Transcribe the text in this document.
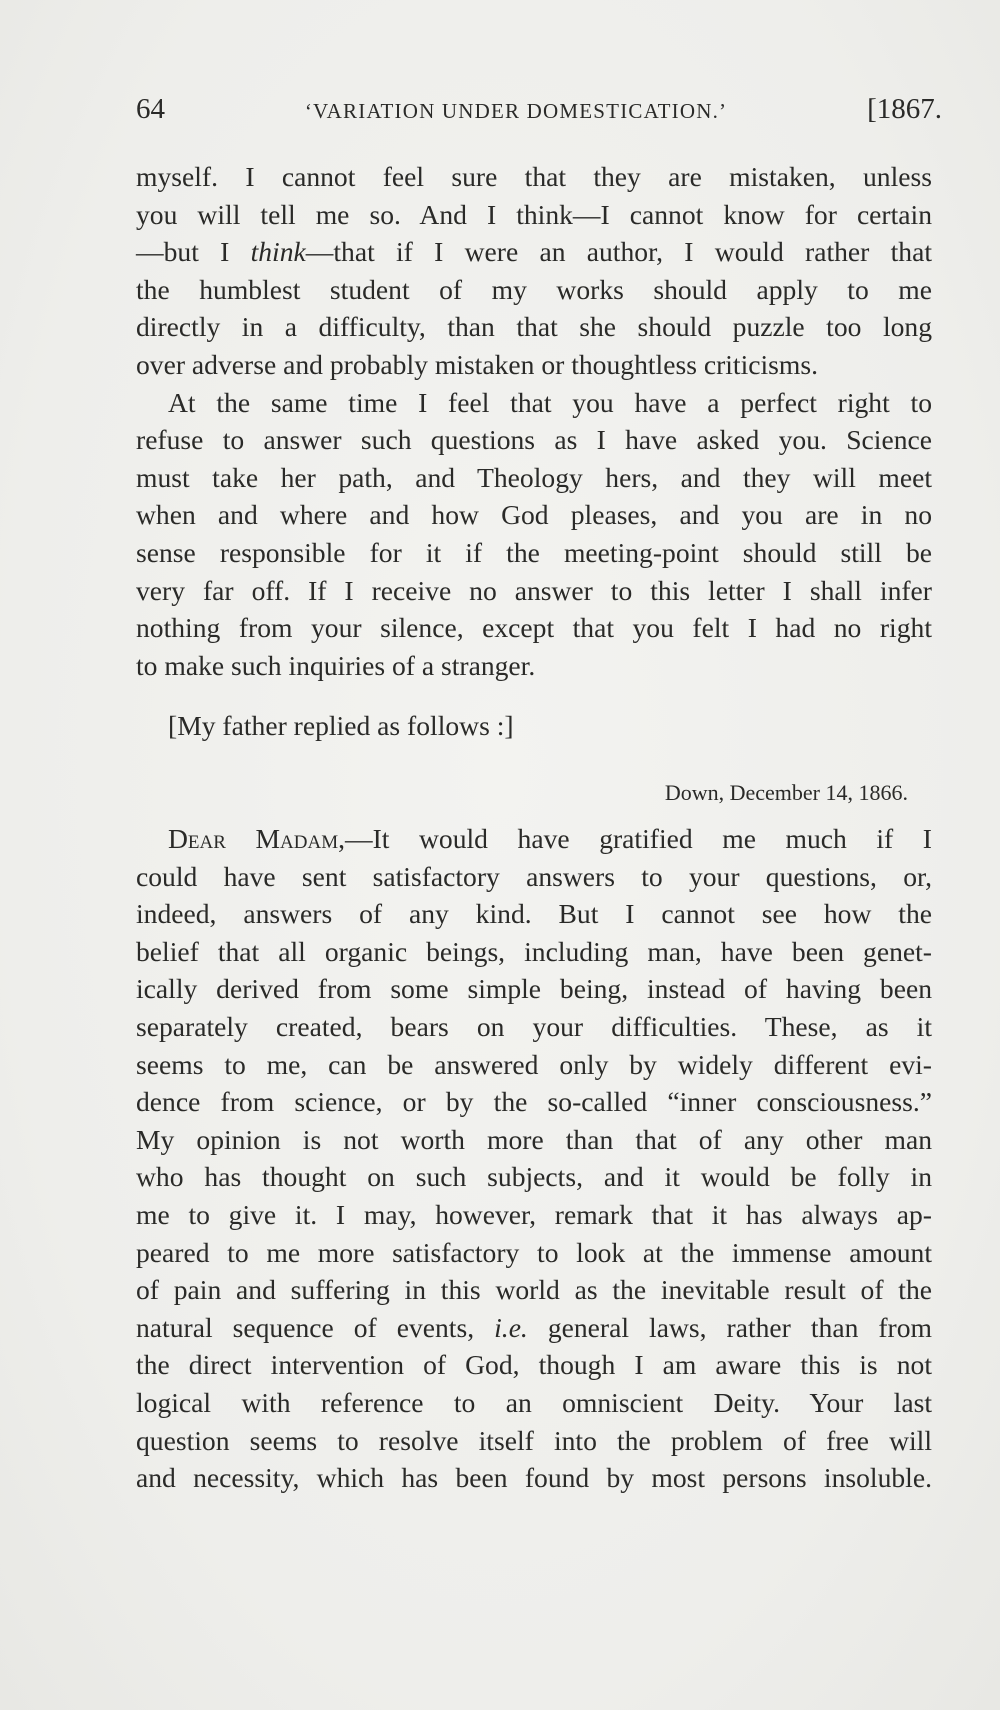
64	‘VARIATION UNDER DOMESTICATION.’	[1867.
myself. I cannot feel sure that they are mistaken, unless
you will tell me so. And I think—I cannot know for certain
—but I think—that if I were an author, I would rather that
the humblest student of my works should apply to me
directly in a difficulty, than that she should puzzle too long
over adverse and probably mistaken or thoughtless criticisms.
At the same time I feel that you have a perfect right to
refuse to answer such questions as I have asked you. Science
must take her path, and Theology hers, and they will meet
when and where and how God pleases, and you are in no
sense responsible for it if the meeting-point should still be
very far off. If I receive no answer to this letter I shall infer
nothing from your silence, except that you felt I had no right
to make such inquiries of a stranger.
[My father replied as follows :]
Down, December 14, 1866.
Dear Madam,—It would have gratified me much if I
could have sent satisfactory answers to your questions, or,
indeed, answers of any kind. But I cannot see how the
belief that all organic beings, including man, have been genet-
ically derived from some simple being, instead of having been
separately created, bears on your difficulties. These, as it
seems to me, can be answered only by widely different evi-
dence from science, or by the so-called “inner consciousness.”
My opinion is not worth more than that of any other man
who has thought on such subjects, and it would be folly in
me to give it. I may, however, remark that it has always ap-
peared to me more satisfactory to look at the immense amount
of pain and suffering in this world as the inevitable result of the
natural sequence of events, i.e. general laws, rather than from
the direct intervention of God, though I am aware this is not
logical with reference to an omniscient Deity. Your last
question seems to resolve itself into the problem of free will
and necessity, which has been found by most persons insoluble.
